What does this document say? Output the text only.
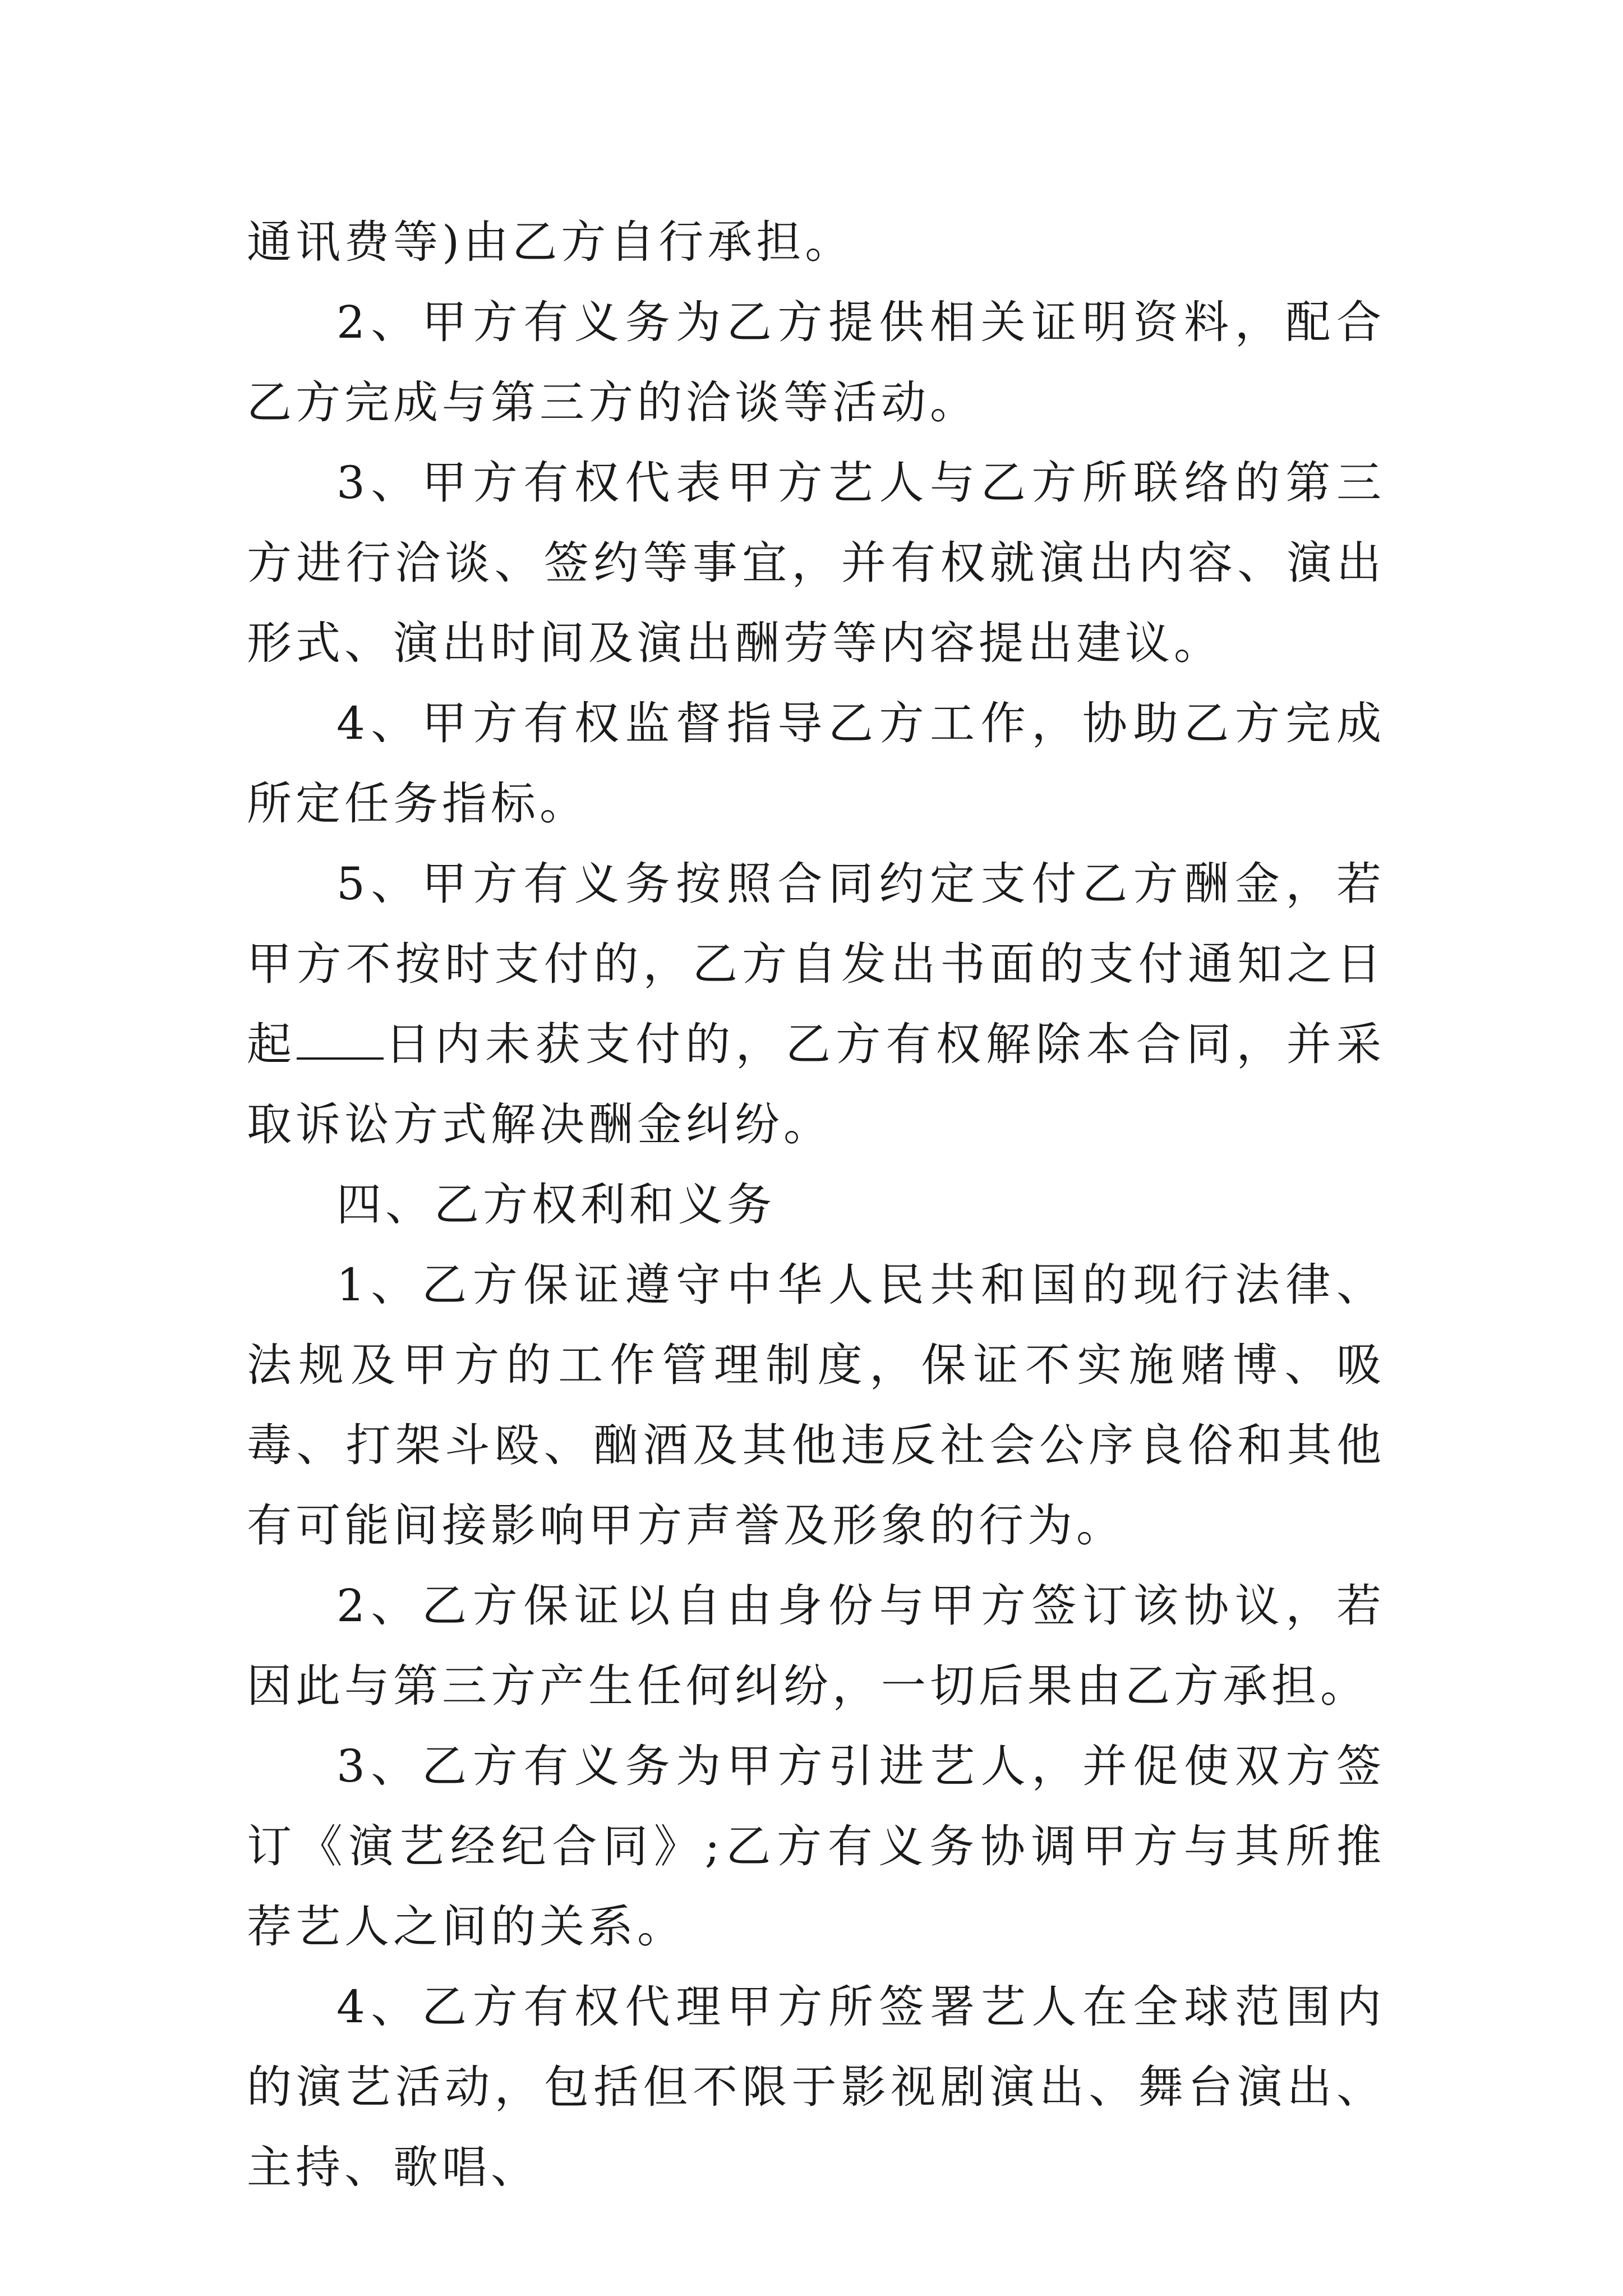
通讯费等)由乙方自行承担。

2、甲方有义务为乙方提供相关证明资料，配合乙方完成与第三方的洽谈等活动。

3、甲方有权代表甲方艺人与乙方所联络的第三方进行洽谈、签约等事宜，并有权就演出内容、演出形式、演出时间及演出酬劳等内容提出建议。

4、甲方有权监督指导乙方工作，协助乙方完成所定任务指标。

5、甲方有义务按照合同约定支付乙方酬金，若甲方不按时支付的，乙方自发出书面的支付通知之日起 日内未获支付的，乙方有权解除本合同，并采取诉讼方式解决酬金纠纷。

四、乙方权利和义务

1、乙方保证遵守中华人民共和国的现行法律、法规及甲方的工作管理制度，保证不实施赌博、吸毒、打架斗殴、酗酒及其他违反社会公序良俗和其他有可能间接影响甲方声誉及形象的行为。

2、乙方保证以自由身份与甲方签订该协议，若因此与第三方产生任何纠纷，一切后果由乙方承担。

3、乙方有义务为甲方引进艺人，并促使双方签订《演艺经纪合同》;乙方有义务协调甲方与其所推荐艺人之间的关系。

4、乙方有权代理甲方所签署艺人在全球范围内的演艺活动，包括但不限于影视剧演出、舞台演出、主持、歌唱、
